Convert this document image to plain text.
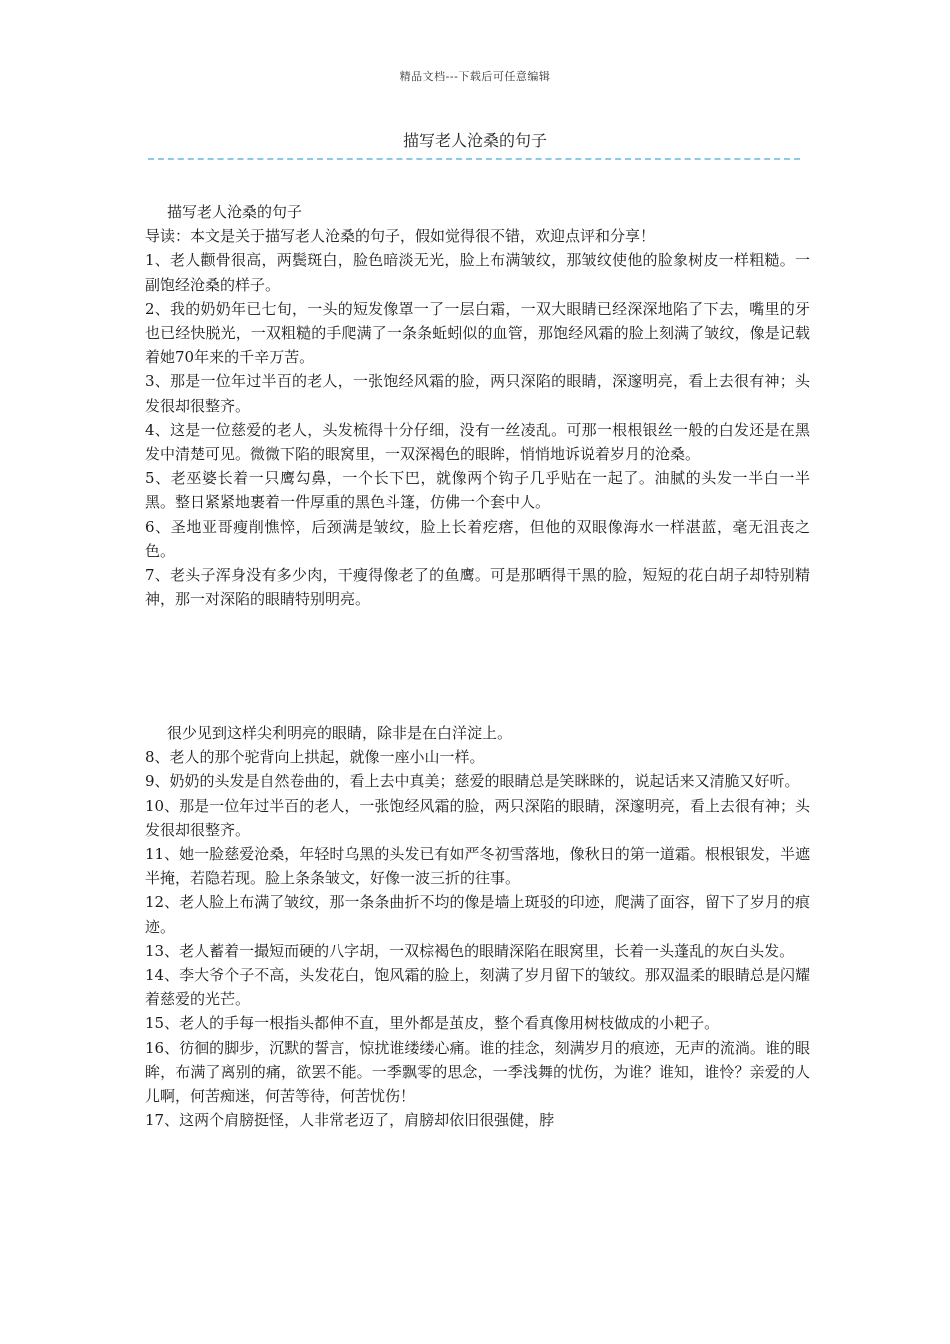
精品文档---下载后可任意编辑
描写老人沧桑的句子

描写老人沧桑的句子

导读：本文是关于描写老人沧桑的句子，假如觉得很不错，欢迎点评和分享！

1、老人颧骨很高，两鬓斑白，脸色暗淡无光，脸上布满皱纹，那皱纹使他的脸象树皮一样粗糙。一副饱经沧桑的样子。

2、我的奶奶年已七旬，一头的短发像罩一了一层白霜，一双大眼睛已经深深地陷了下去，嘴里的牙也已经快脱光，一双粗糙的手爬满了一条条蚯蚓似的血管，那饱经风霜的脸上刻满了皱纹，像是记载着她70年来的千辛万苦。

3、那是一位年过半百的老人，一张饱经风霜的脸，两只深陷的眼睛，深邃明亮，看上去很有神；头发很却很整齐。

4、这是一位慈爱的老人，头发梳得十分仔细，没有一丝凌乱。可那一根根银丝一般的白发还是在黑发中清楚可见。微微下陷的眼窝里，一双深褐色的眼眸，悄悄地诉说着岁月的沧桑。

5、老巫婆长着一只鹰勾鼻，一个长下巴，就像两个钩子几乎贴在一起了。油腻的头发一半白一半黑。整日紧紧地裹着一件厚重的黑色斗篷，仿佛一个套中人。

6、圣地亚哥瘦削憔悴，后颈满是皱纹，脸上长着疙瘩，但他的双眼像海水一样湛蓝，毫无沮丧之色。

7、老头子浑身没有多少肉，干瘦得像老了的鱼鹰。可是那晒得干黑的脸，短短的花白胡子却特别精神，那一对深陷的眼睛特别明亮。

很少见到这样尖利明亮的眼睛，除非是在白洋淀上。

8、老人的那个驼背向上拱起，就像一座小山一样。

9、奶奶的头发是自然卷曲的，看上去中真美；慈爱的眼睛总是笑眯眯的，说起话来又清脆又好听。

10、那是一位年过半百的老人，一张饱经风霜的脸，两只深陷的眼睛，深邃明亮，看上去很有神；头发很却很整齐。

11、她一脸慈爱沧桑，年轻时乌黑的头发已有如严冬初雪落地，像秋日的第一道霜。根根银发，半遮半掩，若隐若现。脸上条条皱文，好像一波三折的往事。

12、老人脸上布满了皱纹，那一条条曲折不均的像是墙上斑驳的印迹，爬满了面容，留下了岁月的痕迹。

13、老人蓄着一撮短而硬的八字胡，一双棕褐色的眼睛深陷在眼窝里，长着一头蓬乱的灰白头发。

14、李大爷个子不高，头发花白，饱风霜的脸上，刻满了岁月留下的皱纹。那双温柔的眼睛总是闪耀着慈爱的光芒。

15、老人的手每一根指头都伸不直，里外都是茧皮，整个看真像用树枝做成的小耙子。

16、彷徊的脚步，沉默的誓言，惊扰谁缕缕心痛。谁的挂念，刻满岁月的痕迹，无声的流淌。谁的眼眸，布满了离别的痛，欲罢不能。一季飘零的思念，一季浅舞的忧伤，为谁？谁知，谁怜？亲爱的人儿啊，何苦痴迷，何苦等待，何苦忧伤！

17、这两个肩膀挺怪，人非常老迈了，肩膀却依旧很强健，脖
